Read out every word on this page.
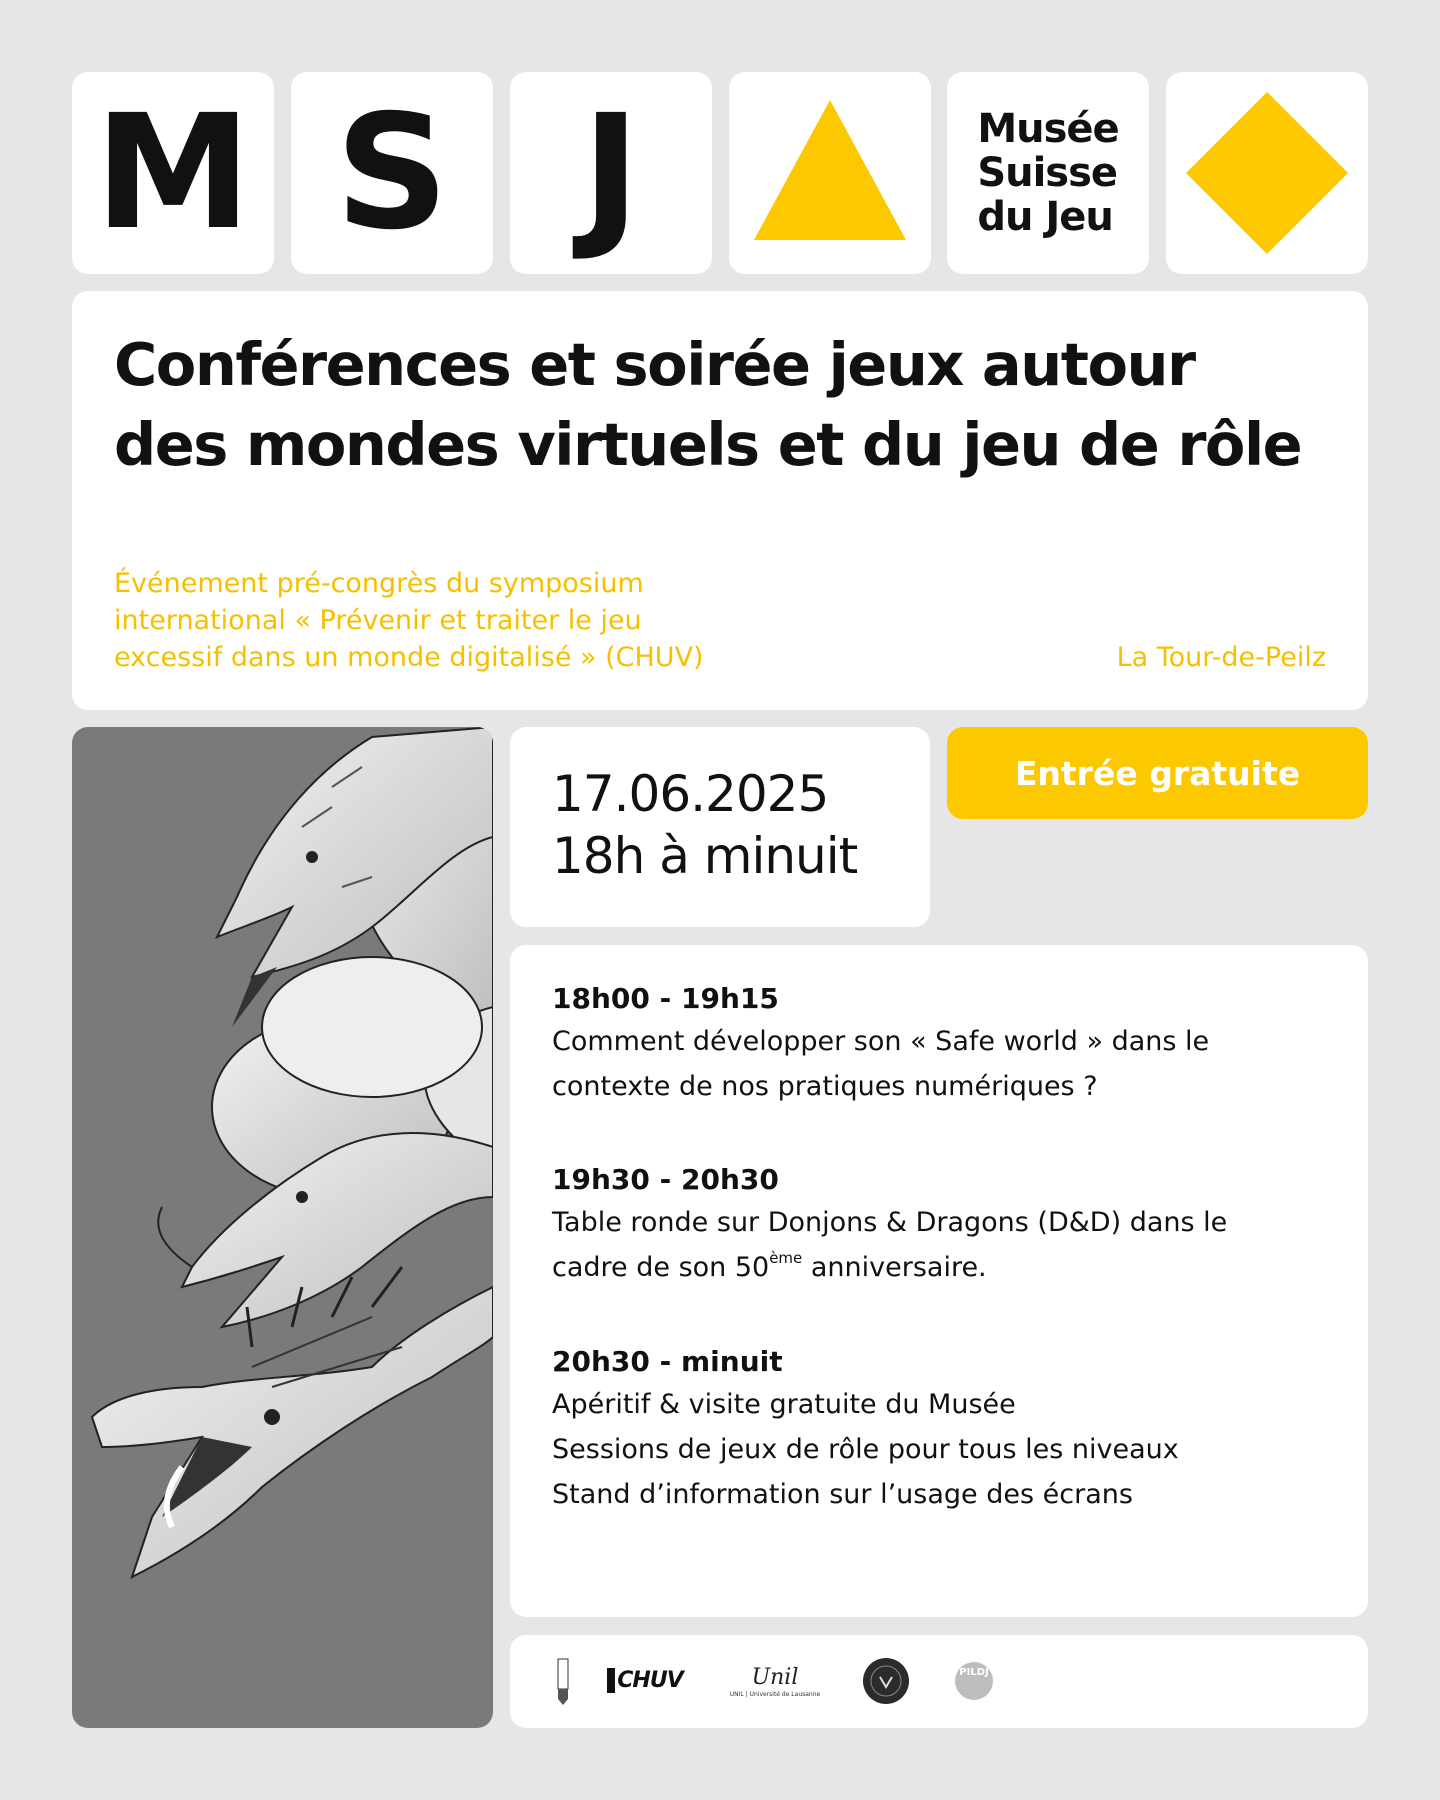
M S J	Musée
Suisse
du Jeu
Conférences et soirée jeux autour
des mondes virtuels et du jeu de rôle
Événement pré-congrès du symposium
international « Prévenir et traiter le jeu
excessif dans un monde digitalisé » (CHUV)	La Tour-de-Peilz
17.06.2025
18h à minuit
Entrée gratuite
18h00 - 19h15
Comment développer son « Safe world » dans le
contexte de nos pratiques numériques ?
19h30 - 20h30
Table ronde sur Donjons & Dragons (D&D) dans le
cadre de son 50ème anniversaire.
20h30 - minuit
Apéritif & visite gratuite du Musée
Sessions de jeux de rôle pour tous les niveaux
Stand d’information sur l’usage des écrans
CHUV	Unil
UNIL | Université de Lausanne
PILDJ
